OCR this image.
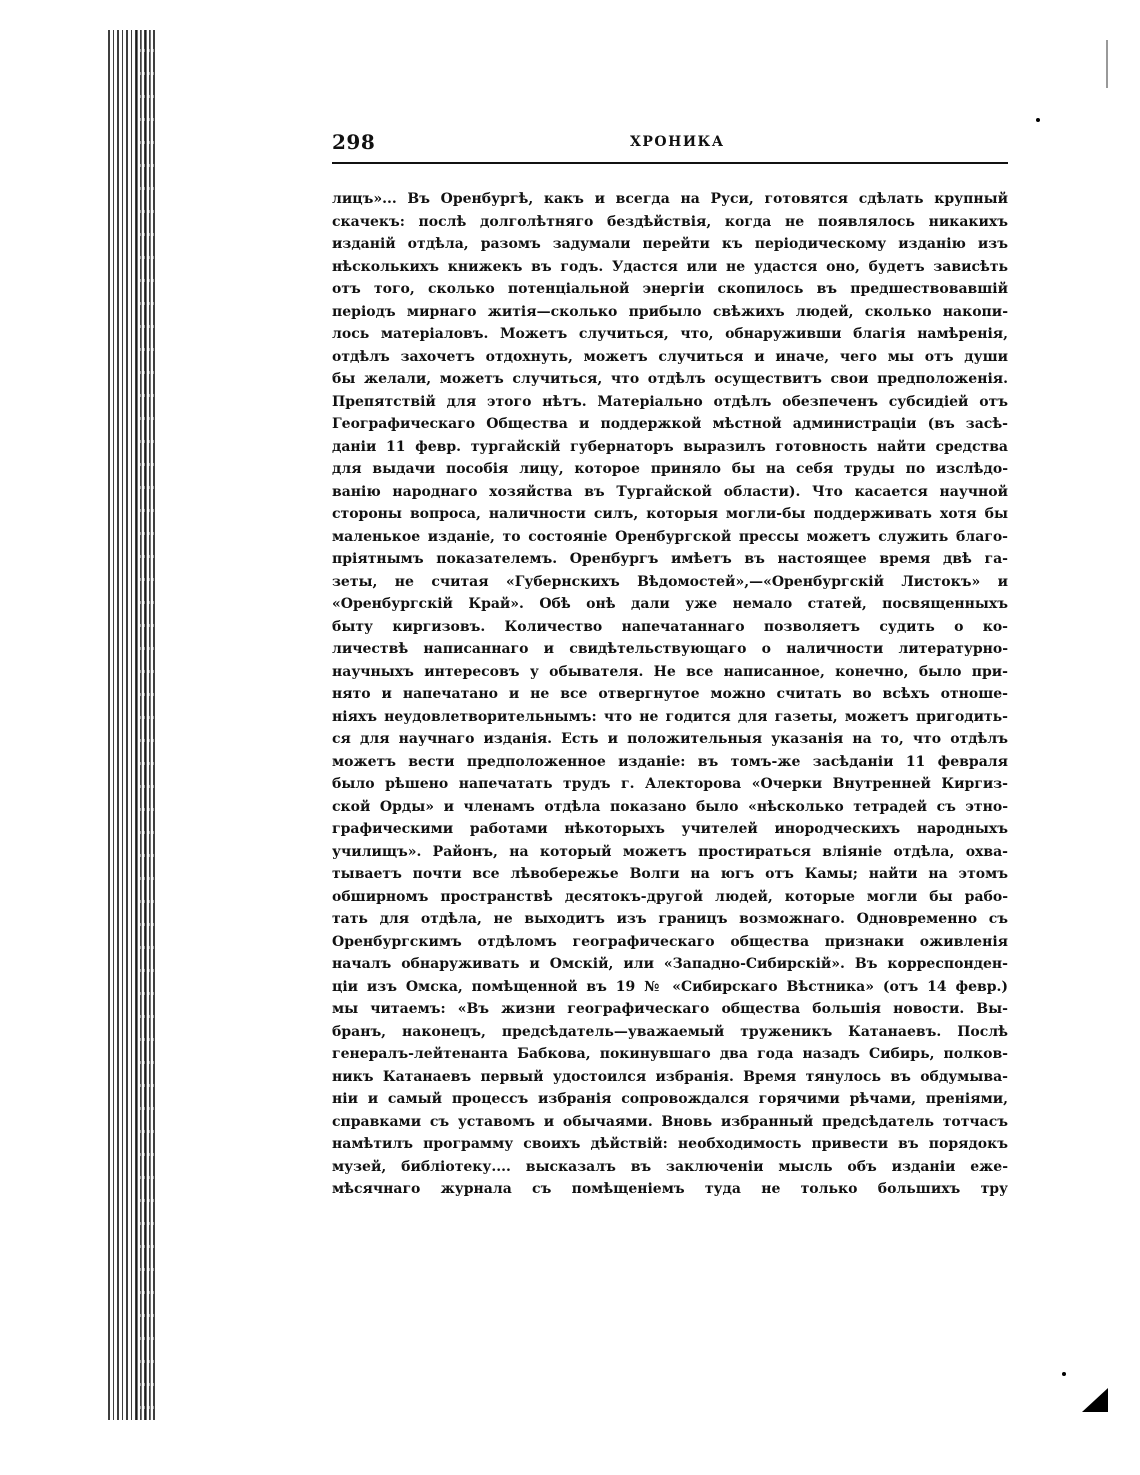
298	ХРОНИКА
лицъ»... Въ Оренбургѣ, какъ и всегда на Руси, готовятся сдѣлать крупный
скачекъ: послѣ долголѣтняго бездѣйствія, когда не появлялось никакихъ
изданій отдѣла, разомъ задумали перейти къ періодическому изданію изъ
нѣсколькихъ книжекъ въ годъ. Удастся или не удастся оно, будетъ зависѣть
отъ того, сколько потенціальной энергіи скопилось въ предшествовавшій
періодъ мирнаго житія—сколько прибыло свѣжихъ людей, сколько накопи-
лось матеріаловъ. Можетъ случиться, что, обнаруживши благія намѣренія,
отдѣлъ захочетъ отдохнуть, можетъ случиться и иначе, чего мы отъ души
бы желали, можетъ случиться, что отдѣлъ осуществитъ свои предположенія.
Препятствій для этого нѣтъ. Матеріально отдѣлъ обезпеченъ субсидіей отъ
Географическаго Общества и поддержкой мѣстной администраціи (въ засѣ-
даніи 11 февр. тургайскій губернаторъ выразилъ готовность найти средства
для выдачи пособія лицу, которое приняло бы на себя труды по изслѣдо-
ванію народнаго хозяйства въ Тургайской области). Что касается научной
стороны вопроса, наличности силъ, которыя могли-бы поддерживать хотя бы
маленькое изданіе, то состояніе Оренбургской прессы можетъ служить благо-
пріятнымъ показателемъ. Оренбургъ имѣетъ въ настоящее время двѣ га-
зеты, не считая «Губернскихъ Вѣдомостей»,—«Оренбургскій Листокъ» и
«Оренбургскій Край». Обѣ онѣ дали уже немало статей, посвященныхъ
быту киргизовъ. Количество напечатаннаго позволяетъ судить о ко-
личествѣ написаннаго и свидѣтельствующаго о наличности литературно-
научныхъ интересовъ у обывателя. Не все написанное, конечно, было при-
нято и напечатано и не все отвергнутое можно считать во всѣхъ отноше-
ніяхъ неудовлетворительнымъ: что не годится для газеты, можетъ пригодить-
ся для научнаго изданія. Есть и положительныя указанія на то, что отдѣлъ
можетъ вести предположенное изданіе: въ томъ-же засѣданіи 11 февраля
было рѣшено напечатать трудъ г. Алекторова «Очерки Внутренней Киргиз-
ской Орды» и членамъ отдѣла показано было «нѣсколько тетрадей съ этно-
графическими работами нѣкоторыхъ учителей инородческихъ народныхъ
училищъ». Районъ, на который можетъ простираться вліяніе отдѣла, охва-
тываетъ почти все лѣвобережье Волги на югъ отъ Камы; найти на этомъ
обширномъ пространствѣ десятокъ-другой людей, которые могли бы рабо-
тать для отдѣла, не выходитъ изъ границъ возможнаго. Одновременно съ
Оренбургскимъ отдѣломъ географическаго общества признаки оживленія
началъ обнаруживать и Омскій, или «Западно-Сибирскій». Въ корреспонден-
ціи изъ Омска, помѣщенной въ 19 № «Сибирскаго Вѣстника» (отъ 14 февр.)
мы читаемъ: «Въ жизни географическаго общества большія новости. Вы-
бранъ, наконецъ, предсѣдатель—уважаемый труженикъ Катанаевъ. Послѣ
генералъ-лейтенанта Бабкова, покинувшаго два года назадъ Сибирь, полков-
никъ Катанаевъ первый удостоился избранія. Время тянулось въ обдумыва-
ніи и самый процессъ избранія сопровождался горячими рѣчами, преніями,
справками съ уставомъ и обычаями. Вновь избранный предсѣдатель тотчасъ
намѣтилъ программу своихъ дѣйствій: необходимость привести въ порядокъ
музей, библіотеку.... высказалъ въ заключеніи мысль объ изданіи еже-
мѣсячнаго журнала съ помѣщеніемъ туда не только большихъ тру
